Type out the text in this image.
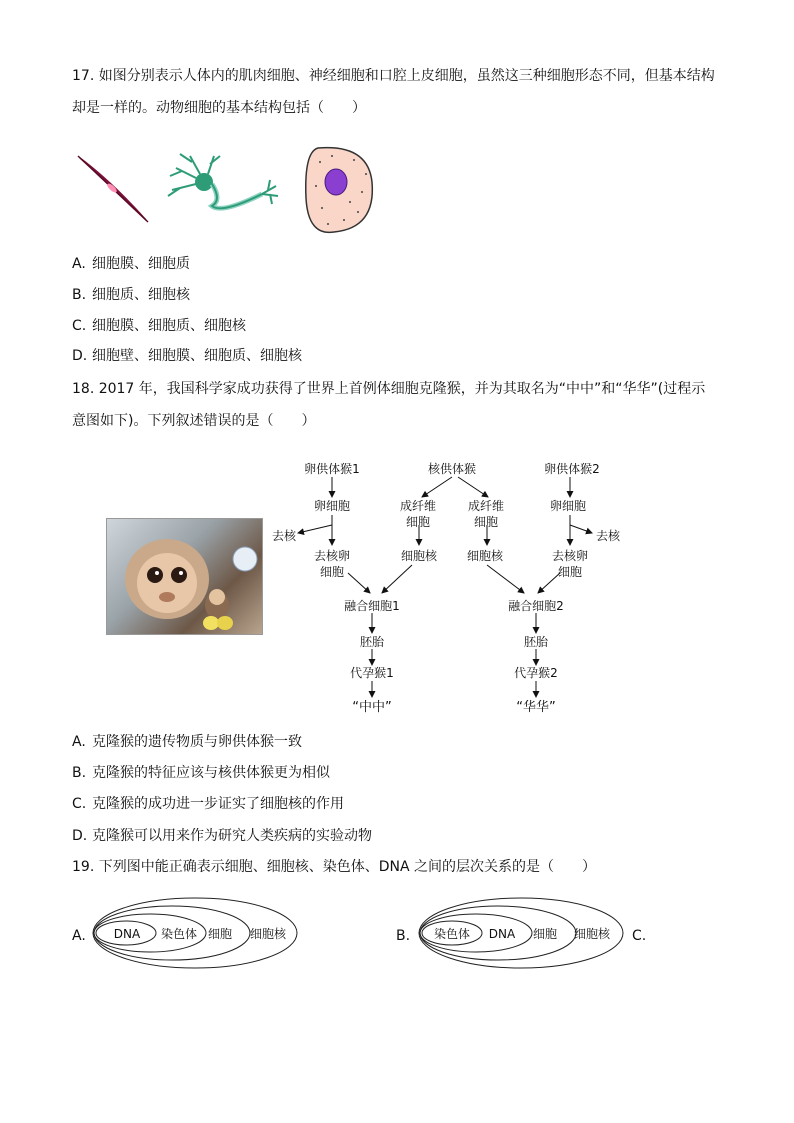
17. 如图分别表示人体内的肌肉细胞、神经细胞和口腔上皮细胞，虽然这三种细胞形态不同，但基本结构
却是一样的。动物细胞的基本结构包括（　　）
A. 细胞膜、细胞质
B. 细胞质、细胞核
C. 细胞膜、细胞质、细胞核
D. 细胞壁、细胞膜、细胞质、细胞核
18. 2017 年，我国科学家成功获得了世界上首例体细胞克隆猴，并为其取名为“中中”和“华华”(过程示
意图如下)。下列叙述错误的是（　　）
卵供体猴1	核供体猴	卵供体猴2
卵细胞	成纤维细胞
成纤维细胞
卵细胞
去核	去核
去核卵细胞
细胞核 细胞核	去核卵细胞
融合细胞1	融合细胞2
胚胎	胚胎
代孕猴1	代孕猴2
“中中”	“华华”
A. 克隆猴的遗传物质与卵供体猴一致
B. 克隆猴的特征应该与核供体猴更为相似
C. 克隆猴的成功进一步证实了细胞核的作用
D. 克隆猴可以用来作为研究人类疾病的实验动物
19. 下列图中能正确表示细胞、细胞核、染色体、DNA 之间的层次关系的是（　　）
A. DNA 染色体 细胞 细胞核	B. 染色体 DNA 细胞 细胞核 C.
